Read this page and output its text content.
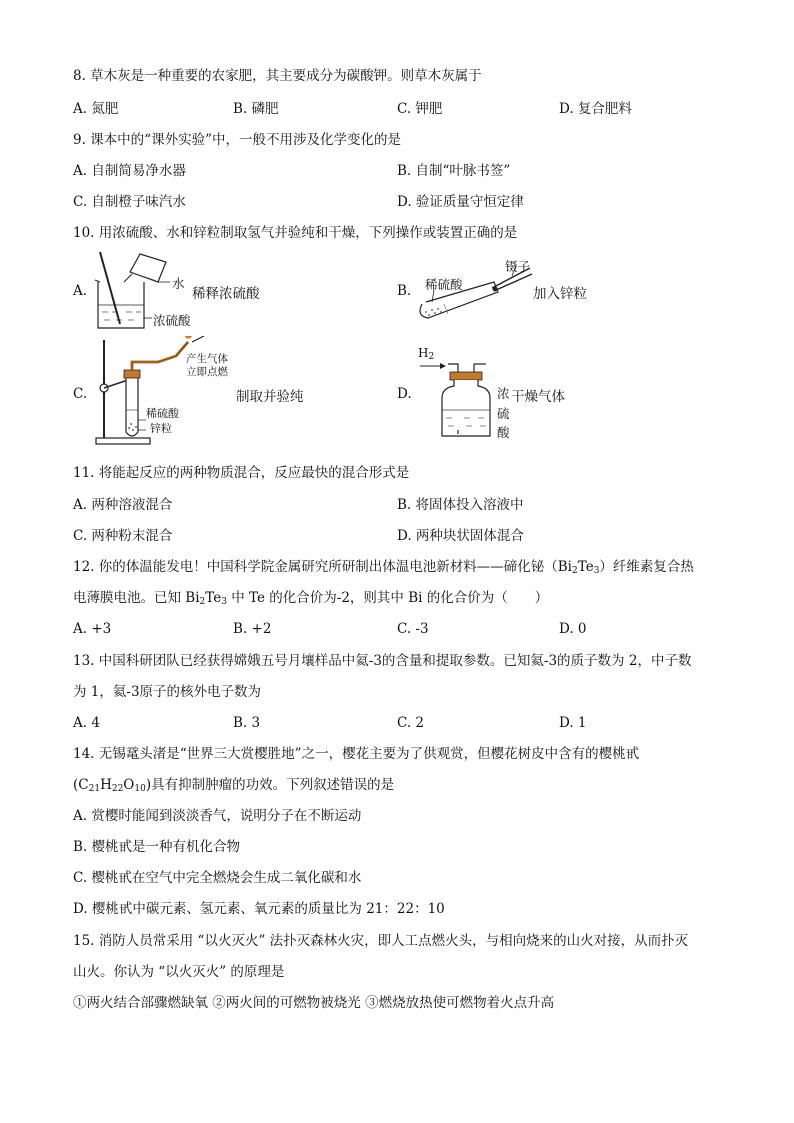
8. 草木灰是一种重要的农家肥，其主要成分为碳酸钾。则草木灰属于
A. 氮肥	B. 磷肥	C. 钾肥	D. 复合肥料
9. 课本中的“课外实验”中，一般不用涉及化学变化的是
A. 自制简易净水器	B. 自制“叶脉书签”
C. 自制橙子味汽水	D. 验证质量守恒定律
10. 用浓硫酸、水和锌粒制取氢气并验纯和干燥，下列操作或装置正确的是
A.	水
浓硫酸
稀释浓硫酸	B.
镊子
稀硫酸
加入锌粒
C.
产生气体
立即点燃
稀硫酸
锌粒
制取并验纯	D.
$H_2$
浓
硫
酸
干燥气体
11. 将能起反应的两种物质混合，反应最快的混合形式是
A. 两种溶液混合	B. 将固体投入溶液中
C. 两种粉末混合	D. 两种块状固体混合
12. 你的体温能发电！中国科学院金属研究所研制出体温电池新材料——碲化铋$(Bi_2Te_3)$纤维素复合热
电薄膜电池。已知 $Bi_2Te_3$ 中 Te 的化合价为-2，则其中 Bi 的化合价为（　　）
A. +3	B. +2	C. -3	D. 0
13. 中国科研团队已经获得嫦娥五号月壤样品中氦-3的含量和提取参数。已知氦-3的质子数为 2，中子数
为 1，氦-3原子的核外电子数为
A. 4	B. 3	C. 2	D. 1
14. 无锡鼋头渚是“世界三大赏樱胜地”之一，樱花主要为了供观赏，但樱花树皮中含有的樱桃甙
$(C_{21}H_{22}O_{10})$具有抑制肿瘤的功效。下列叙述错误的是
A. 赏樱时能闻到淡淡香气，说明分子在不断运动
B. 樱桃甙是一种有机化合物
C. 樱桃甙在空气中完全燃烧会生成二氧化碳和水
D. 樱桃甙中碳元素、氢元素、氧元素的质量比为 21：22：10
15. 消防人员常采用 “以火灭火” 法扑灭森林火灾，即人工点燃火头，与相向烧来的山火对接，从而扑灭
山火。你认为 “以火灭火” 的原理是
①两火结合部骤燃缺氧 ②两火间的可燃物被烧光 ③燃烧放热使可燃物着火点升高
